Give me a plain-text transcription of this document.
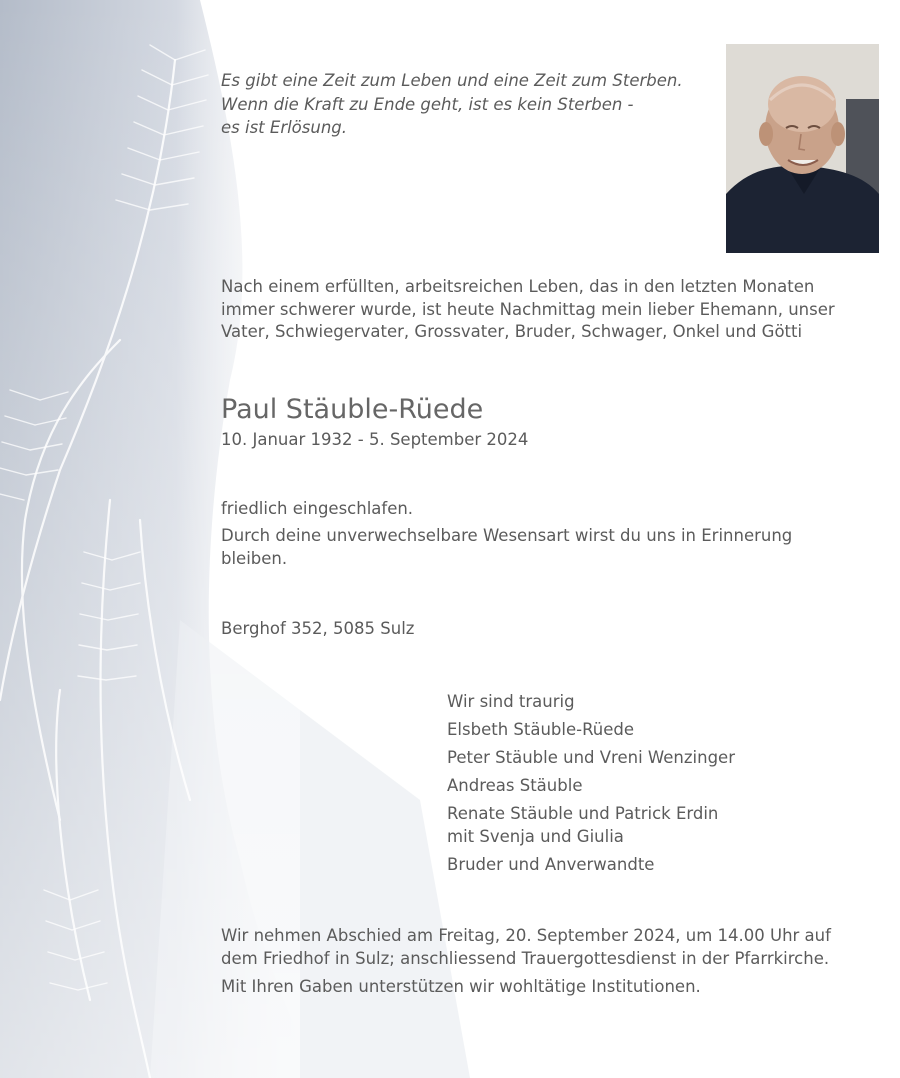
Es gibt eine Zeit zum Leben und eine Zeit zum Sterben.
Wenn die Kraft zu Ende geht, ist es kein Sterben -
es ist Erlösung.

Nach einem erfüllten, arbeitsreichen Leben, das in den letzten Monaten
immer schwerer wurde, ist heute Nachmittag mein lieber Ehemann, unser
Vater, Schwiegervater, Grossvater, Bruder, Schwager, Onkel und Götti

Paul Stäuble-Rüede

10. Januar 1932 - 5. September 2024

friedlich eingeschlafen.

Durch deine unverwechselbare Wesensart wirst du uns in Erinnerung
bleiben.

Berghof 352, 5085 Sulz

Wir sind traurig
Elsbeth Stäuble-Rüede
Peter Stäuble und Vreni Wenzinger
Andreas Stäuble
Renate Stäuble und Patrick Erdin
mit Svenja und Giulia
Bruder und Anverwandte

Wir nehmen Abschied am Freitag, 20. September 2024, um 14.00 Uhr auf
dem Friedhof in Sulz; anschliessend Trauergottesdienst in der Pfarrkirche.

Mit Ihren Gaben unterstützen wir wohltätige Institutionen.
